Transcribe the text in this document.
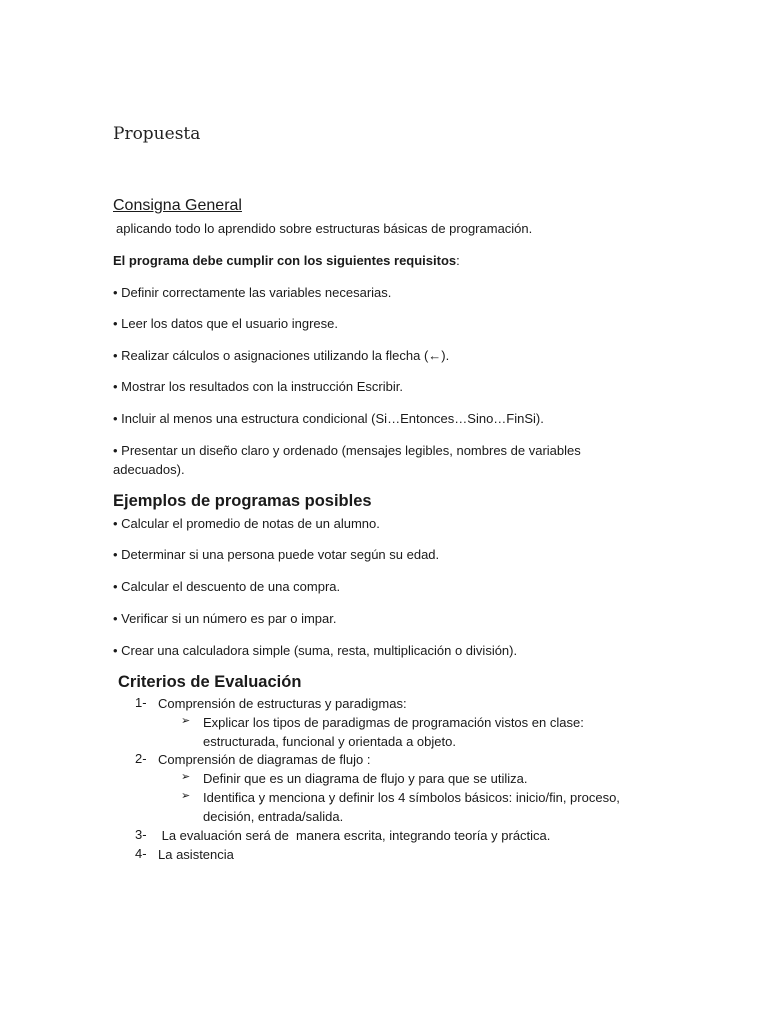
Propuesta
Consigna General
aplicando todo lo aprendido sobre estructuras básicas de programación.
El programa debe cumplir con los siguientes requisitos:
• Definir correctamente las variables necesarias.
• Leer los datos que el usuario ingrese.
• Realizar cálculos o asignaciones utilizando la flecha (←).
• Mostrar los resultados con la instrucción Escribir.
• Incluir al menos una estructura condicional (Si…Entonces…Sino…FinSi).
• Presentar un diseño claro y ordenado (mensajes legibles, nombres de variables adecuados).
Ejemplos de programas posibles
• Calcular el promedio de notas de un alumno.
• Determinar si una persona puede votar según su edad.
• Calcular el descuento de una compra.
• Verificar si un número es par o impar.
• Crear una calculadora simple (suma, resta, multiplicación o división).
Criterios de Evaluación
1- Comprensión de estructuras y paradigmas:
➢ Explicar los tipos de paradigmas de programación vistos en clase: estructurada, funcional y orientada a objeto.
2- Comprensión de diagramas de flujo :
➢ Definir que es un diagrama de flujo y para que se utiliza.
➢ Identifica y menciona y definir los 4 símbolos básicos: inicio/fin, proceso, decisión, entrada/salida.
3- La evaluación será de  manera escrita, integrando teoría y práctica.
4- La asistencia
